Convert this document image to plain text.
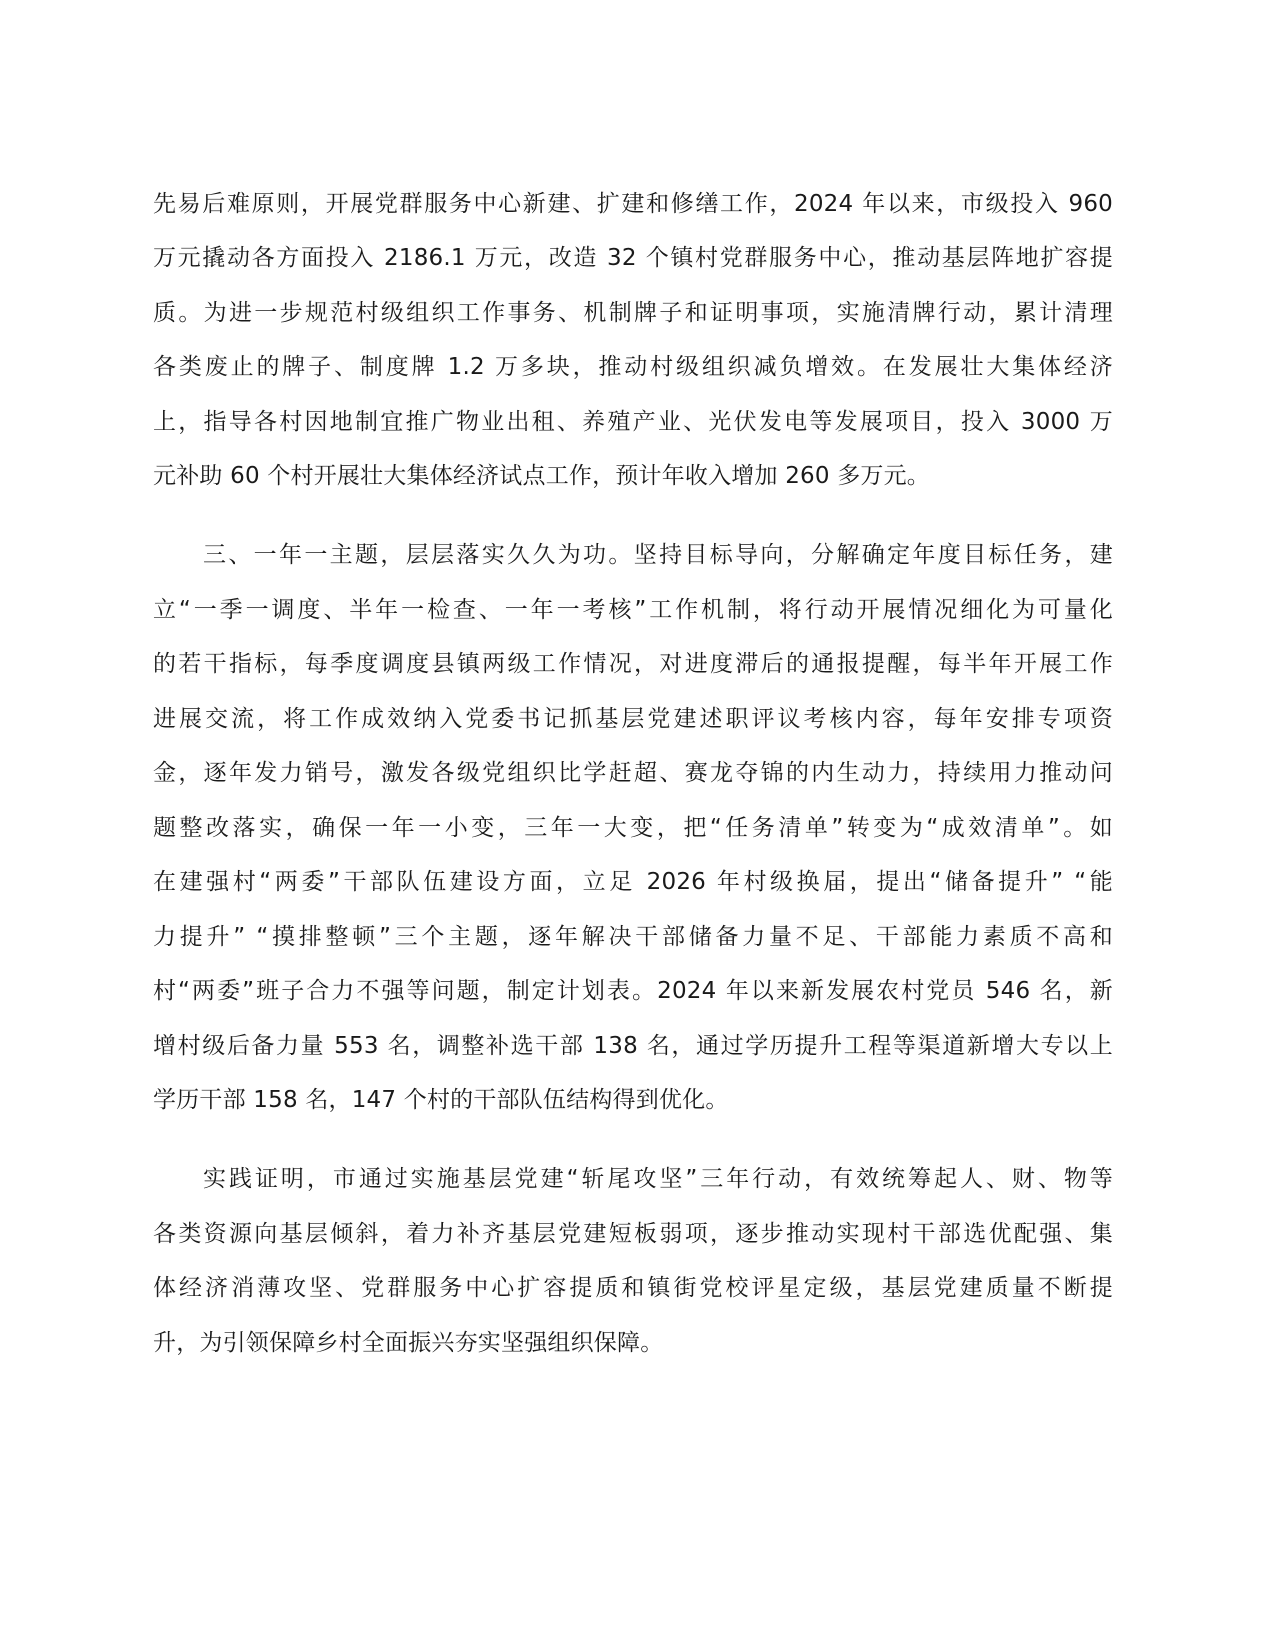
先易后难原则，开展党群服务中心新建、扩建和修缮工作，2024 年以来，市级投入 960
万元撬动各方面投入 2186.1 万元，改造 32 个镇村党群服务中心，推动基层阵地扩容提
质。为进一步规范村级组织工作事务、机制牌子和证明事项，实施清牌行动，累计清理
各类废止的牌子、制度牌 1.2 万多块，推动村级组织减负增效。在发展壮大集体经济
上，指导各村因地制宜推广物业出租、养殖产业、光伏发电等发展项目，投入 3000 万
元补助 60 个村开展壮大集体经济试点工作，预计年收入增加 260 多万元。
三、一年一主题，层层落实久久为功。坚持目标导向，分解确定年度目标任务，建
立“一季一调度、半年一检查、一年一考核”工作机制，将行动开展情况细化为可量化
的若干指标，每季度调度县镇两级工作情况，对进度滞后的通报提醒，每半年开展工作
进展交流，将工作成效纳入党委书记抓基层党建述职评议考核内容，每年安排专项资
金，逐年发力销号，激发各级党组织比学赶超、赛龙夺锦的内生动力，持续用力推动问
题整改落实，确保一年一小变，三年一大变，把“任务清单”转变为“成效清单”。如
在建强村“两委”干部队伍建设方面，立足 2026 年村级换届，提出“储备提升” “能
力提升” “摸排整顿”三个主题，逐年解决干部储备力量不足、干部能力素质不高和
村“两委”班子合力不强等问题，制定计划表。2024 年以来新发展农村党员 546 名，新
增村级后备力量 553 名，调整补选干部 138 名，通过学历提升工程等渠道新增大专以上
学历干部 158 名，147 个村的干部队伍结构得到优化。
实践证明，市通过实施基层党建“斩尾攻坚”三年行动，有效统筹起人、财、物等
各类资源向基层倾斜，着力补齐基层党建短板弱项，逐步推动实现村干部选优配强、集
体经济消薄攻坚、党群服务中心扩容提质和镇街党校评星定级，基层党建质量不断提
升，为引领保障乡村全面振兴夯实坚强组织保障。
